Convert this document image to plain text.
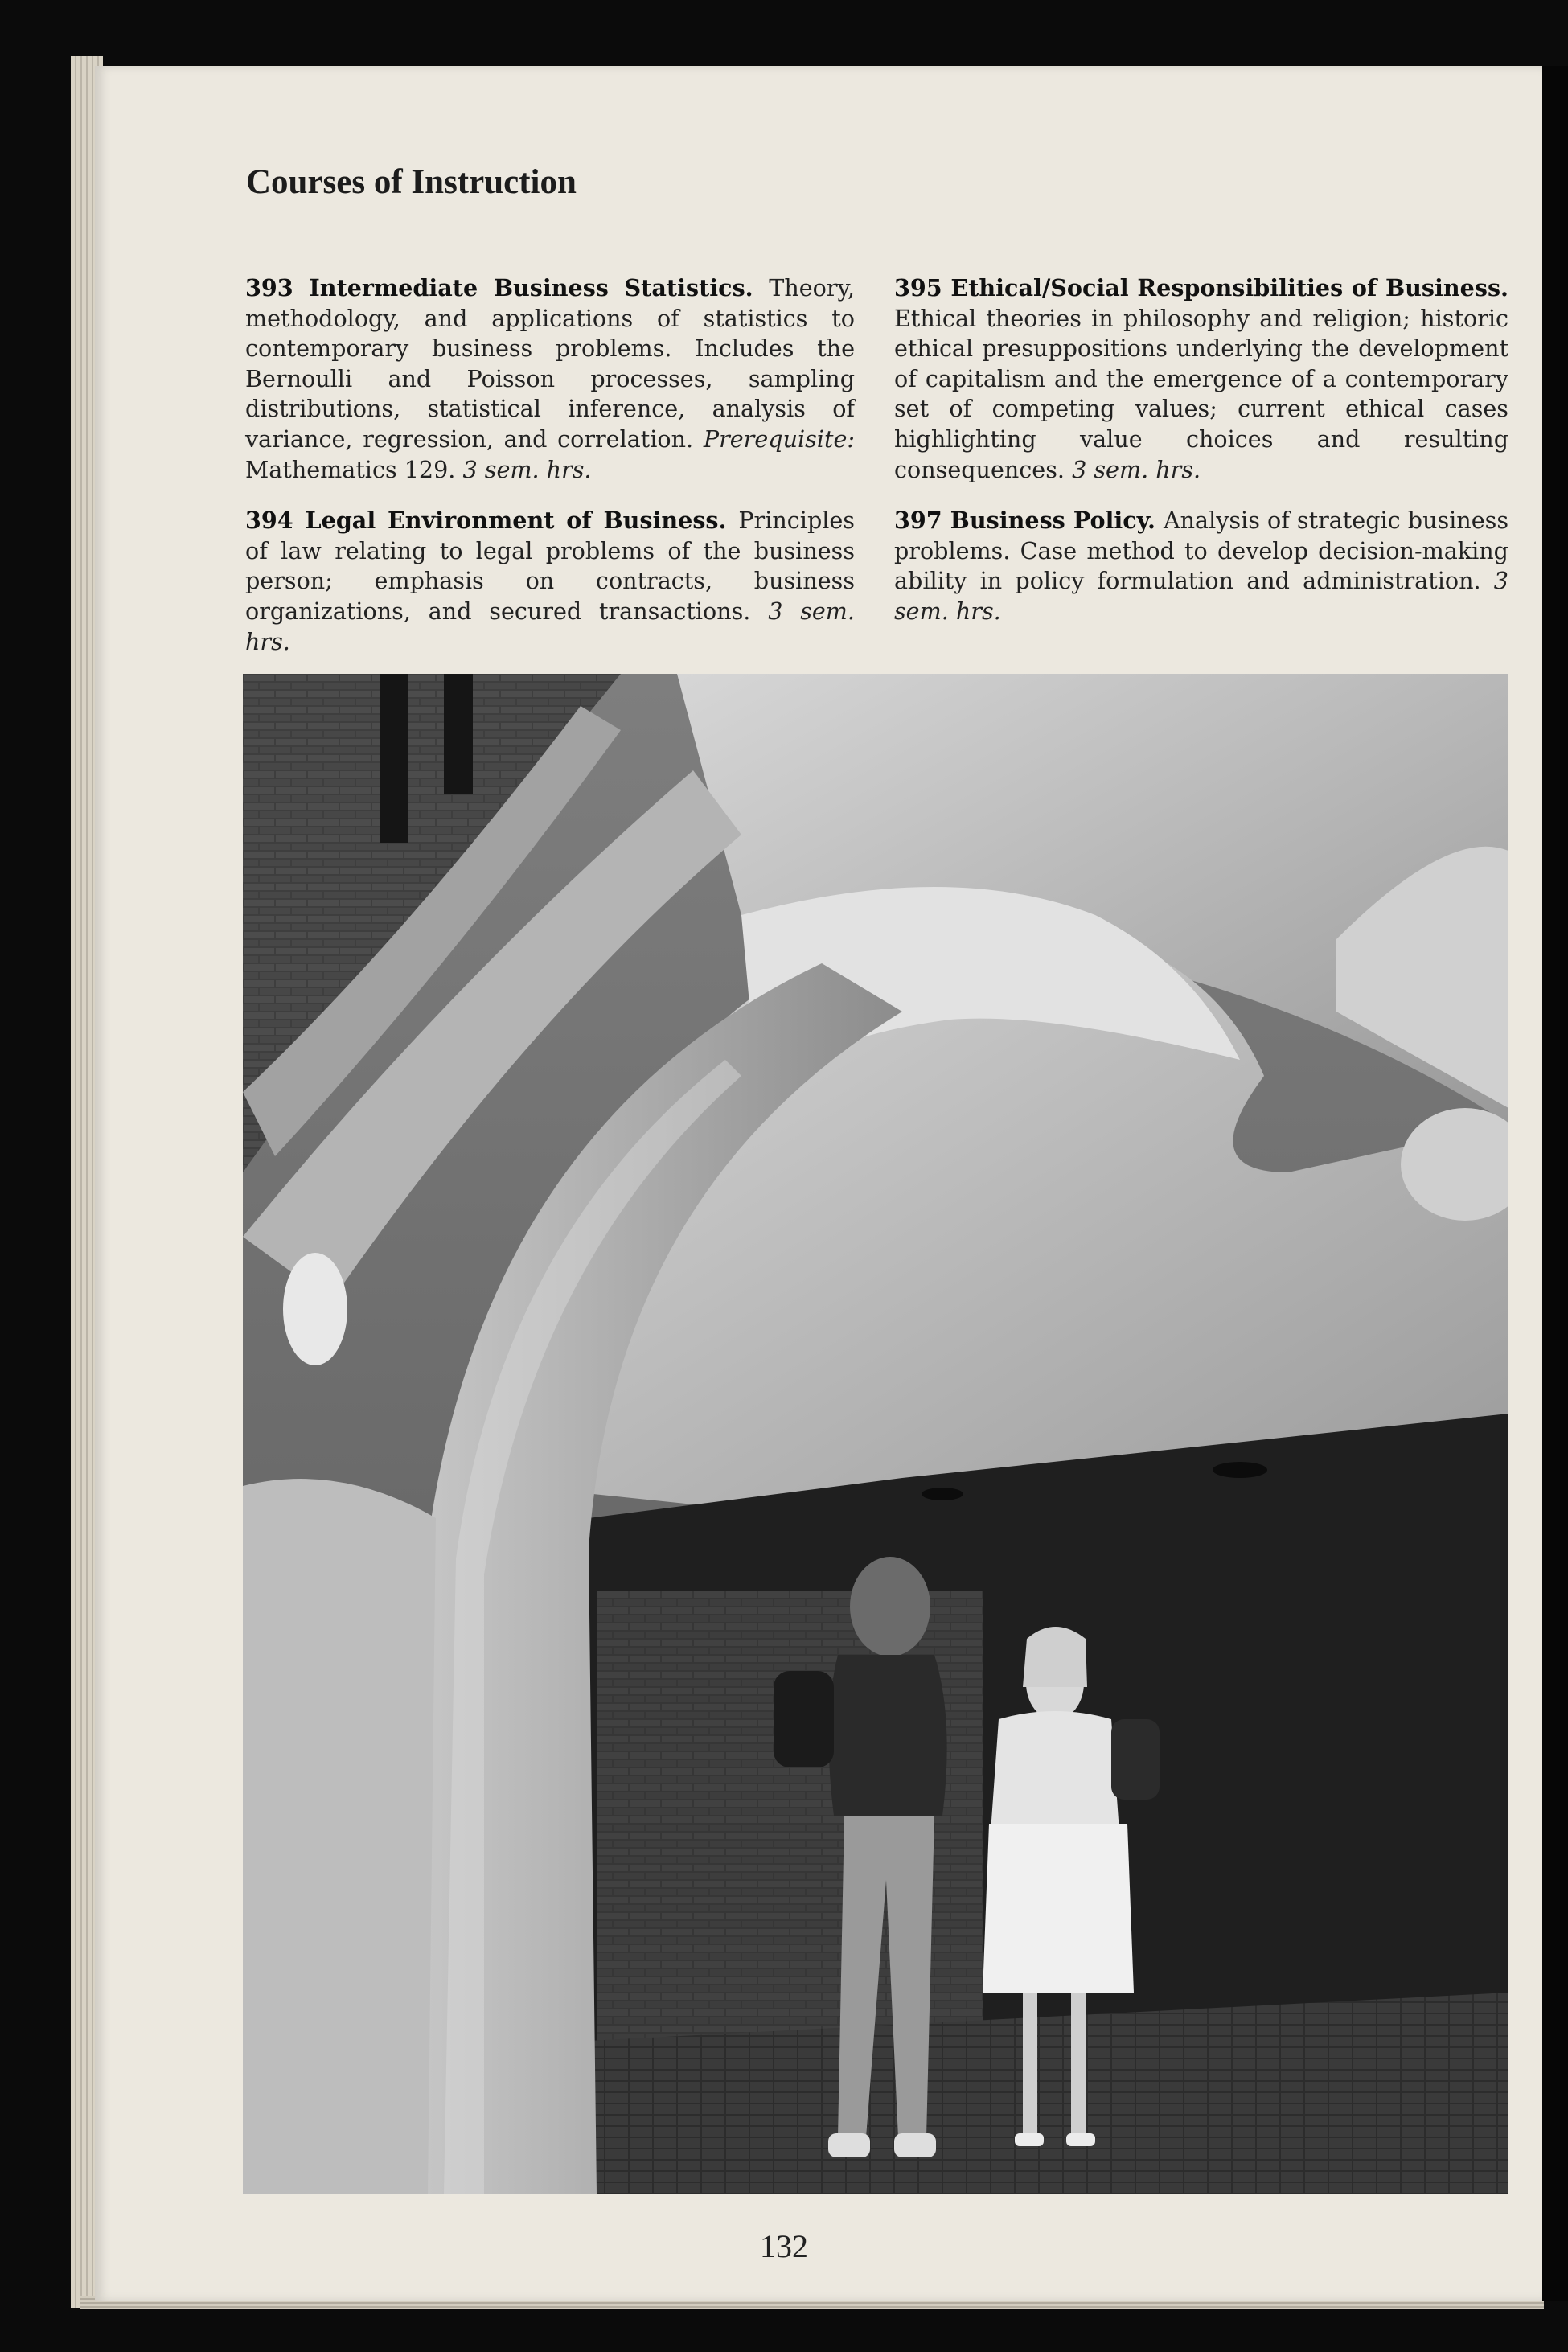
Courses of Instruction

393 Intermediate Business Statistics. Theory, methodology, and applications of statistics to contemporary business problems. Includes the Bernoulli and Poisson processes, sampling distributions, statistical inference, analysis of variance, regression, and correlation. Prerequisite: Mathematics 129. 3 sem. hrs.

394 Legal Environment of Business. Principles of law relating to legal problems of the business person; emphasis on contracts, business organizations, and secured transactions. 3 sem. hrs.

395 Ethical/Social Responsibilities of Business. Ethical theories in philosophy and religion; historic ethical presuppositions underlying the development of capitalism and the emergence of a contemporary set of competing values; current ethical cases highlighting value choices and resulting consequences. 3 sem. hrs.

397 Business Policy. Analysis of strategic business problems. Case method to develop decision-making ability in policy formulation and administration. 3 sem. hrs.

132
